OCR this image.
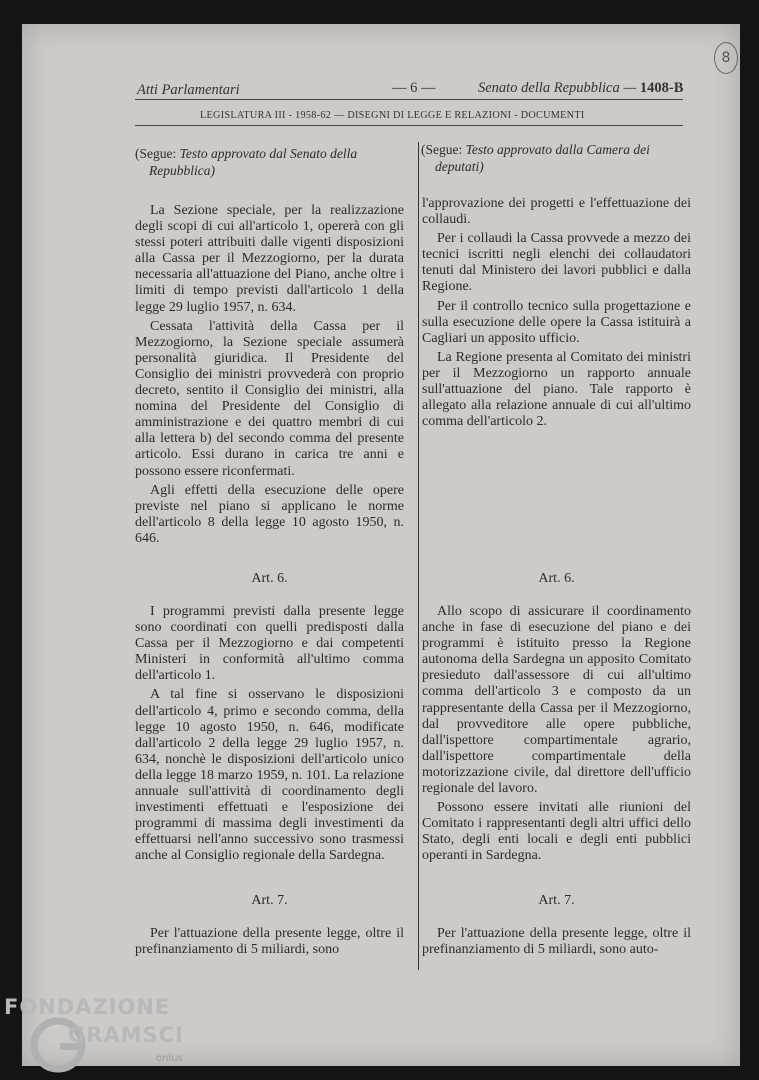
Atti Parlamentari	— 6 —	Senato della Repubblica — 1408-B
LEGISLATURA III - 1958-62 — DISEGNI DI LEGGE E RELAZIONI - DOCUMENTI
8
(Segue: Testo approvato dal Senato della
Repubblica)

La Sezione speciale, per la realizzazione degli scopi di cui all'articolo 1, opererà con gli stessi poteri attribuiti dalle vigenti disposizioni alla Cassa per il Mezzogiorno, per la durata necessaria all'attuazione del Piano, anche oltre i limiti di tempo previsti dall'articolo 1 della legge 29 luglio 1957, n. 634.

Cessata l'attività della Cassa per il Mezzogiorno, la Sezione speciale assumerà personalità giuridica. Il Presidente del Consiglio dei ministri provvederà con proprio decreto, sentito il Consiglio dei ministri, alla nomina del Presidente del Consiglio di amministrazione e dei quattro membri di cui alla lettera b) del secondo comma del presente articolo. Essi durano in carica tre anni e possono essere riconfermati.

Agli effetti della esecuzione delle opere previste nel piano si applicano le norme dell'articolo 8 della legge 10 agosto 1950, n. 646.

Art. 6.

I programmi previsti dalla presente legge sono coordinati con quelli predisposti dalla Cassa per il Mezzogiorno e dai competenti Ministeri in conformità all'ultimo comma dell'articolo 1.

A tal fine si osservano le disposizioni dell'articolo 4, primo e secondo comma, della legge 10 agosto 1950, n. 646, modificate dall'articolo 2 della legge 29 luglio 1957, n. 634, nonchè le disposizioni dell'articolo unico della legge 18 marzo 1959, n. 101. La relazione annuale sull'attività di coordinamento degli investimenti effettuati e l'esposizione dei programmi di massima degli investimenti da effettuarsi nell'anno successivo sono trasmessi anche al Consiglio regionale della Sardegna.

Art. 7.

Per l'attuazione della presente legge, oltre il prefinanziamento di 5 miliardi, sono

(Segue: Testo approvato dalla Camera dei
deputati)

l'approvazione dei progetti e l'effettuazione dei collaudi.

Per i collaudi la Cassa provvede a mezzo dei tecnici iscritti negli elenchi dei collaudatori tenuti dal Ministero dei lavori pubblici e dalla Regione.

Per il controllo tecnico sulla progettazione e sulla esecuzione delle opere la Cassa istituirà a Cagliari un apposito ufficio.

La Regione presenta al Comitato dei ministri per il Mezzogiorno un rapporto annuale sull'attuazione del piano. Tale rapporto è allegato alla relazione annuale di cui all'ultimo comma dell'articolo 2.

Art. 6.

Allo scopo di assicurare il coordinamento anche in fase di esecuzione del piano e dei programmi è istituito presso la Regione autonoma della Sardegna un apposito Comitato presieduto dall'assessore di cui all'ultimo comma dell'articolo 3 e composto da un rappresentante della Cassa per il Mezzogiorno, dal provveditore alle opere pubbliche, dall'ispettore compartimentale agrario, dall'ispettore compartimentale della motorizzazione civile, dal direttore dell'ufficio regionale del lavoro.

Possono essere invitati alle riunioni del Comitato i rappresentanti degli altri uffici dello Stato, degli enti locali e degli enti pubblici operanti in Sardegna.

Art. 7.

Per l'attuazione della presente legge, oltre il prefinanziamento di 5 miliardi, sono auto-

FONDAZIONE
GRAMSCI
onlus
